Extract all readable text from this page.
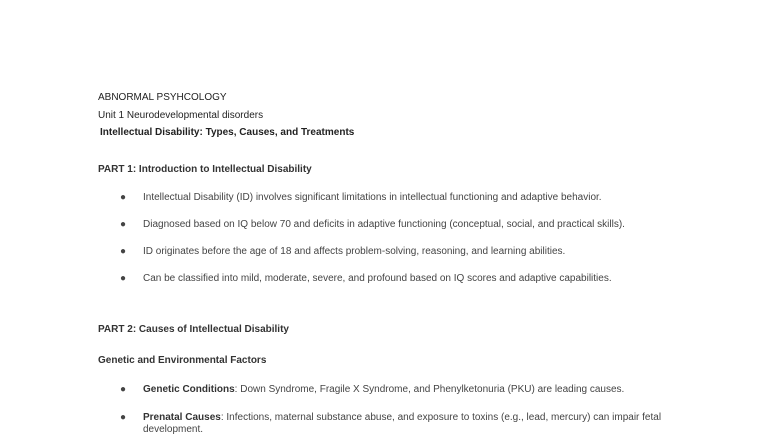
ABNORMAL PSYHCOLOGY
Unit 1 Neurodevelopmental disorders
Intellectual Disability: Types, Causes, and Treatments
PART 1: Introduction to Intellectual Disability
● Intellectual Disability (ID) involves significant limitations in intellectual functioning and adaptive behavior.
● Diagnosed based on IQ below 70 and deficits in adaptive functioning (conceptual, social, and practical skills).
● ID originates before the age of 18 and affects problem-solving, reasoning, and learning abilities.
● Can be classified into mild, moderate, severe, and profound based on IQ scores and adaptive capabilities.
PART 2: Causes of Intellectual Disability
Genetic and Environmental Factors
● Genetic Conditions: Down Syndrome, Fragile X Syndrome, and Phenylketonuria (PKU) are leading causes.
● Prenatal Causes: Infections, maternal substance abuse, and exposure to toxins (e.g., lead, mercury) can impair fetal development.
